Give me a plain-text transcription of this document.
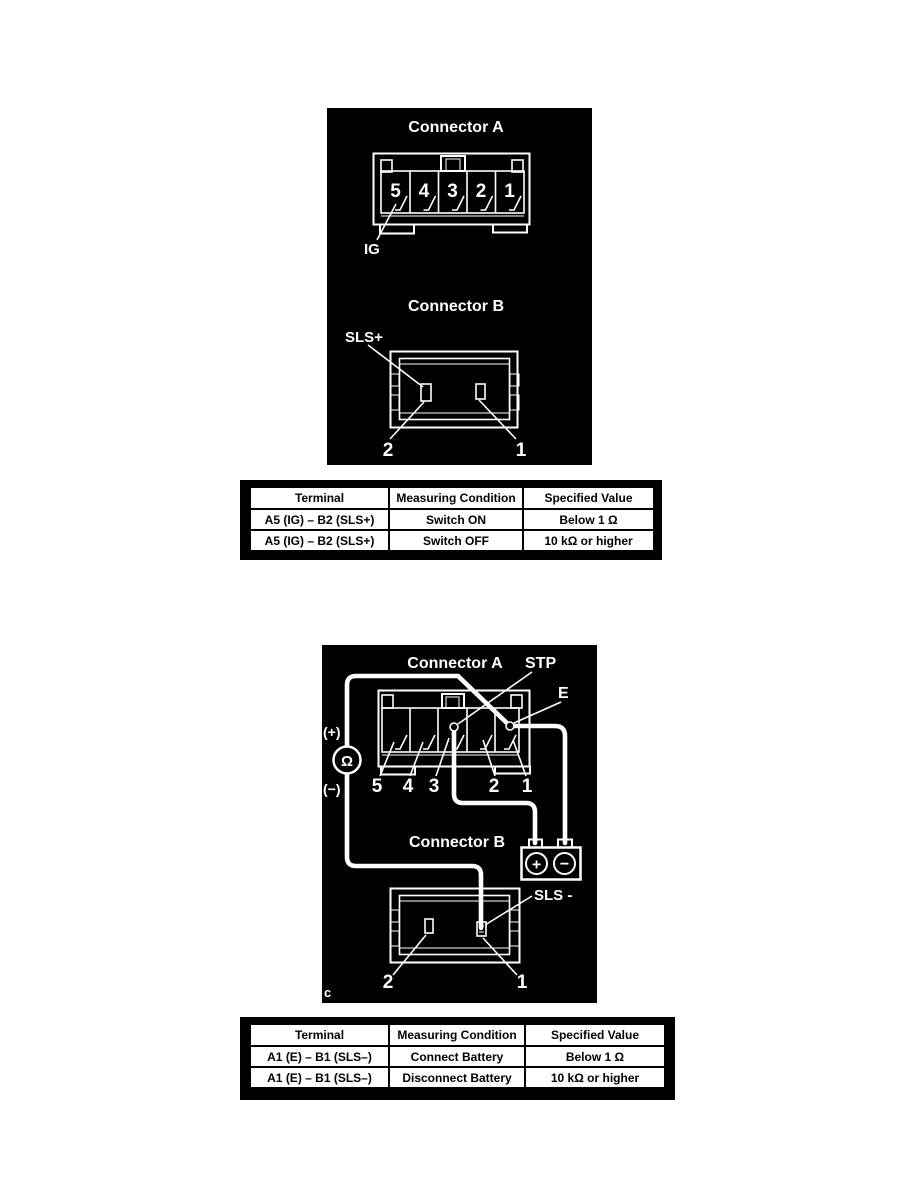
Connector A
5 4 3 2 1
IG
Connector B
SLS+
2	1
Terminal	Measuring Condition	Specified Value
A5 (IG) – B2 (SLS+)	Switch ON	Below 1 Ω
A5 (IG) – B2 (SLS+)	Switch OFF	10 kΩ or higher
Connector A STP
E
5 4 3	2 1
(+)
Ω
(−)
Connector B
+ −
SLS -
2	1
c
Terminal	Measuring Condition	Specified Value
A1 (E) – B1 (SLS–)	Connect Battery	Below 1 Ω
A1 (E) – B1 (SLS–)	Disconnect Battery	10 kΩ or higher
